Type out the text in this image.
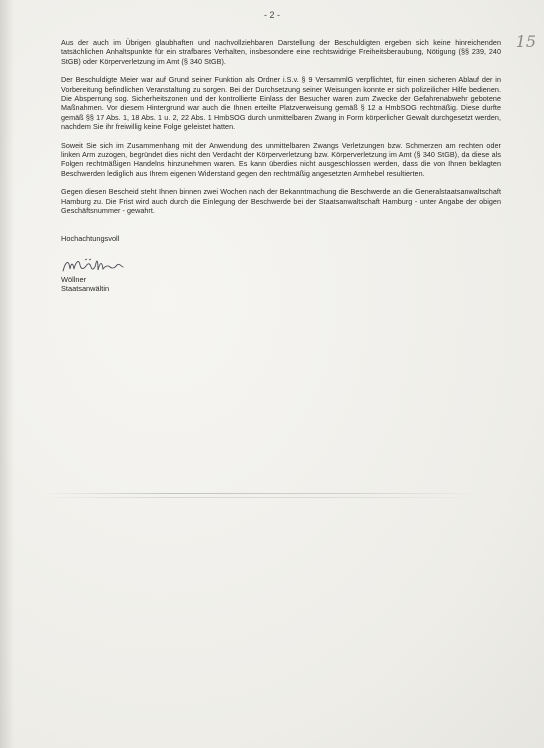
- 2 -
15

Aus der auch im Übrigen glaubhaften und nachvollziehbaren Darstellung der Beschuldigten ergeben sich keine hinreichenden tatsächlichen Anhaltspunkte für ein strafbares Verhalten, insbesondere eine rechtswidrige Freiheitsberaubung, Nötigung (§§ 239, 240 StGB) oder Körperverletzung im Amt (§ 340 StGB).

Der Beschuldigte Meier war auf Grund seiner Funktion als Ordner i.S.v. § 9 VersammlG verpflichtet, für einen sicheren Ablauf der in Vorbereitung befindlichen Veranstaltung zu sorgen. Bei der Durchsetzung seiner Weisungen konnte er sich polizeilicher Hilfe bedienen. Die Absperrung sog. Sicherheitszonen und der kontrollierte Einlass der Besucher waren zum Zwecke der Gefahrenabwehr gebotene Maßnahmen. Vor diesem Hintergrund war auch die Ihnen erteilte Platzverweisung gemäß § 12 a HmbSOG rechtmäßig. Diese durfte gemäß §§ 17 Abs. 1, 18 Abs. 1 u. 2, 22 Abs. 1 HmbSOG durch unmittelbaren Zwang in Form körperlicher Gewalt durchgesetzt werden, nachdem Sie ihr freiwillig keine Folge geleistet hatten.

Soweit Sie sich im Zusammenhang mit der Anwendung des unmittelbaren Zwangs Verletzungen bzw. Schmerzen am rechten oder linken Arm zuzogen, begründet dies nicht den Verdacht der Körperverletzung bzw. Körperverletzung im Amt (§ 340 StGB), da diese als Folgen rechtmäßigen Handelns hinzunehmen waren. Es kann überdies nicht ausgeschlossen werden, dass die von Ihnen beklagten Beschwerden lediglich aus Ihrem eigenen Widerstand gegen den rechtmäßig angesetzten Armhebel resultierten.

Gegen diesen Bescheid steht Ihnen binnen zwei Wochen nach der Bekanntmachung die Beschwerde an die Generalstaatsanwaltschaft Hamburg zu. Die Frist wird auch durch die Einlegung der Beschwerde bei der Staatsanwaltschaft Hamburg - unter Angabe der obigen Geschäftsnummer - gewahrt.

Hochachtungsvoll
Wöllner
Staatsanwältin
